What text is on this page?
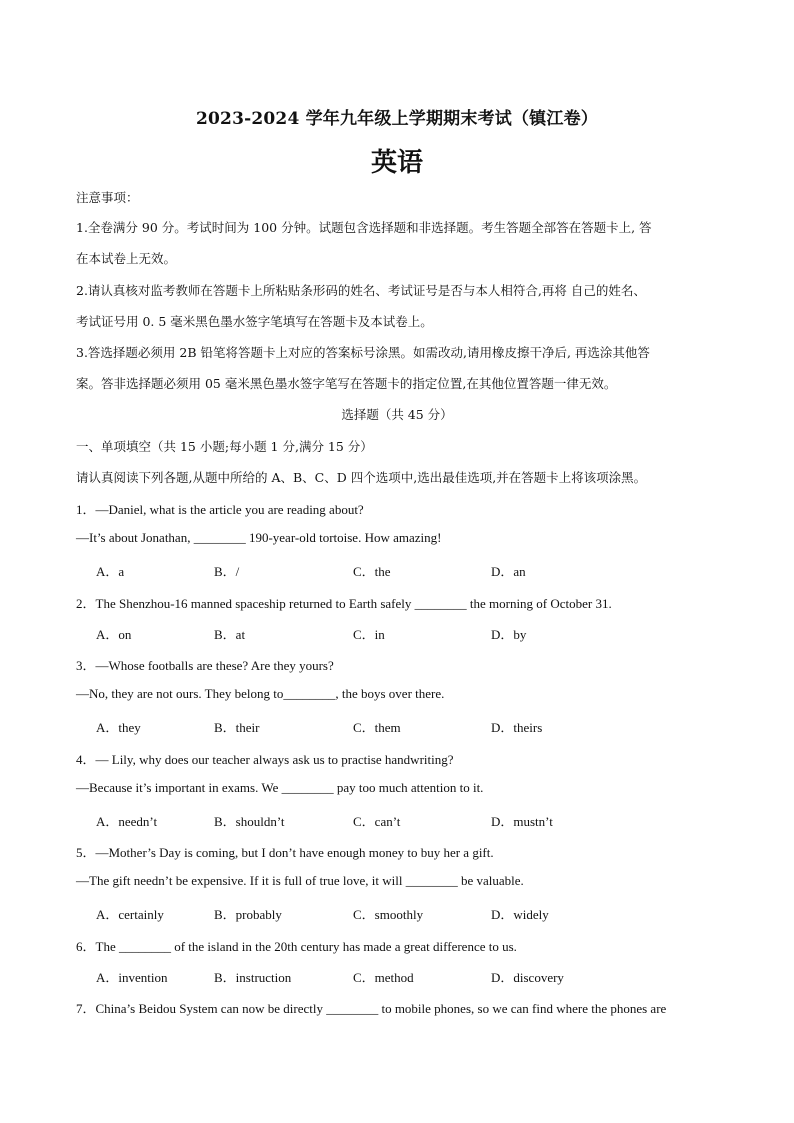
2023-2024 学年九年级上学期期末考试（镇江卷）
英语
注意事项：
1.全卷满分 90 分。考试时间为 100 分钟。试题包含选择题和非选择题。考生答题全部答在答题卡上, 答
在本试卷上无效。
2.请认真核对监考教师在答题卡上所粘贴条形码的姓名、考试证号是否与本人相符合,再将 自己的姓名、
考试证号用 0. 5 毫米黑色墨水签字笔填写在答题卡及本试卷上。
3.答选择题必须用 2B 铅笔将答题卡上对应的答案标号涂黑。如需改动,请用橡皮擦干净后, 再选涂其他答
案。答非选择题必须用 05 毫米黑色墨水签字笔写在答题卡的指定位置,在其他位置答题一律无效。
选择题（共 45 分）
一、单项填空（共 15 小题;每小题 1 分,满分 15 分）
请认真阅读下列各题,从题中所给的 A、B、C、D 四个选项中,选出最佳选项,并在答题卡上将该项涂黑。
1．—Daniel, what is the article you are reading about?
—It’s about Jonathan, ________ 190-year-old tortoise. How amazing!
A．a	B．/	C．the	D．an
2．The Shenzhou-16 manned spaceship returned to Earth safely ________ the morning of October 31.
A．on	B．at	C．in	D．by
3．—Whose footballs are these? Are they yours?
—No, they are not ours. They belong to________, the boys over there.
A．they	B．their	C．them	D．theirs
4．— Lily, why does our teacher always ask us to practise handwriting?
—Because it’s important in exams. We ________ pay too much attention to it.
A．needn’t	B．shouldn’t	C．can’t	D．mustn’t
5．—Mother’s Day is coming, but I don’t have enough money to buy her a gift.
—The gift needn’t be expensive. If it is full of true love, it will ________ be valuable.
A．certainly	B．probably	C．smoothly	D．widely
6．The ________ of the island in the 20th century has made a great difference to us.
A．invention	B．instruction	C．method	D．discovery
7．China’s Beidou System can now be directly ________ to mobile phones, so we can find where the phones are
